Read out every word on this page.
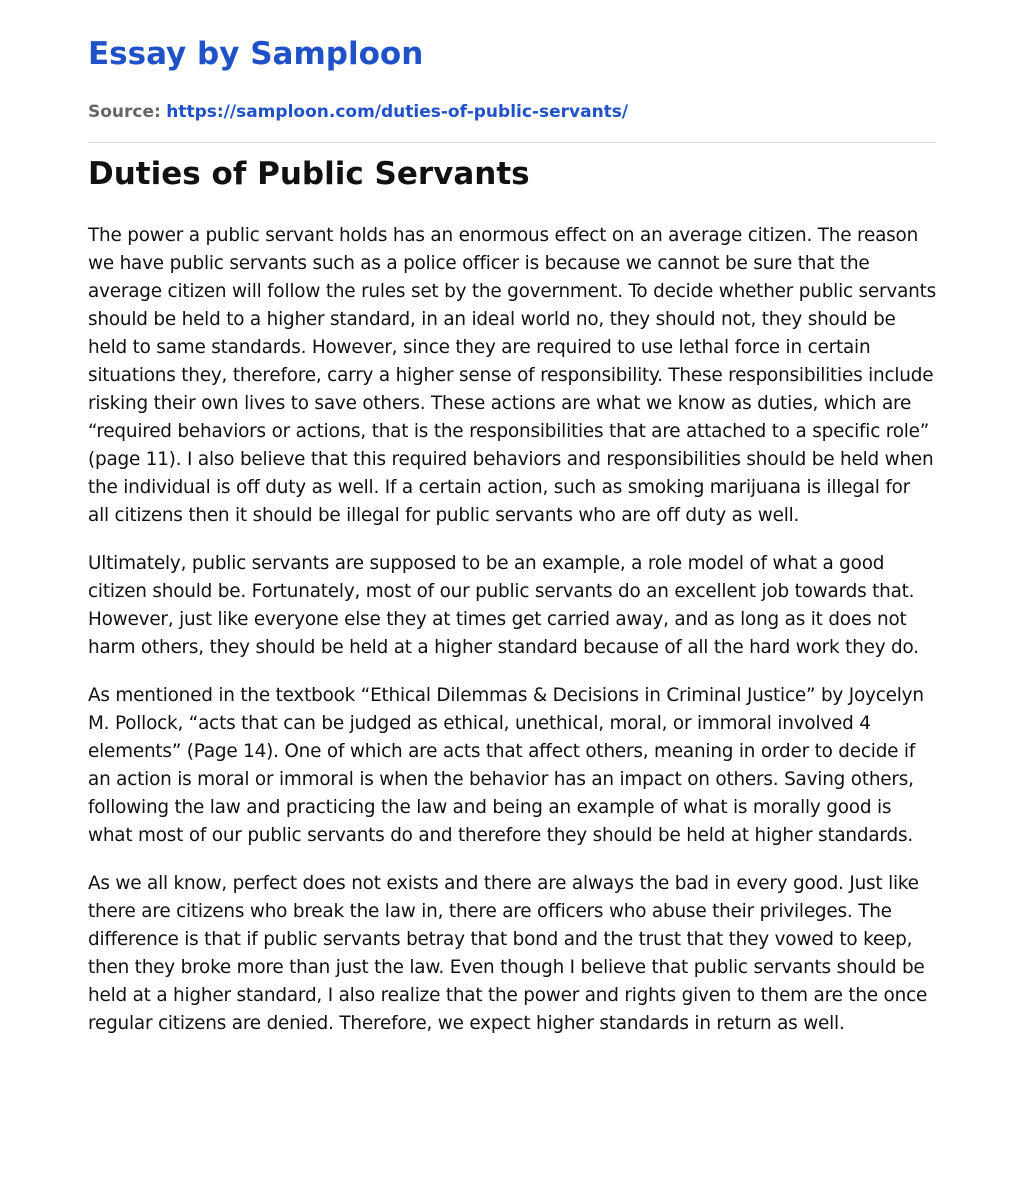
Essay by Samploon
Source: https://samploon.com/duties-of-public-servants/
Duties of Public Servants

The power a public servant holds has an enormous effect on an average citizen. The reason we have public servants such as a police officer is because we cannot be sure that the average citizen will follow the rules set by the government. To decide whether public servants should be held to a higher standard, in an ideal world no, they should not, they should be held to same standards. However, since they are required to use lethal force in certain situations they, therefore, carry a higher sense of responsibility. These responsibilities include risking their own lives to save others. These actions are what we know as duties, which are “required behaviors or actions, that is the responsibilities that are attached to a specific role” (page 11). I also believe that this required behaviors and responsibilities should be held when the individual is off duty as well. If a certain action, such as smoking marijuana is illegal for all citizens then it should be illegal for public servants who are off duty as well.

Ultimately, public servants are supposed to be an example, a role model of what a good citizen should be. Fortunately, most of our public servants do an excellent job towards that. However, just like everyone else they at times get carried away, and as long as it does not harm others, they should be held at a higher standard because of all the hard work they do.

As mentioned in the textbook “Ethical Dilemmas & Decisions in Criminal Justice” by Joycelyn M. Pollock, “acts that can be judged as ethical, unethical, moral, or immoral involved 4 elements” (Page 14). One of which are acts that affect others, meaning in order to decide if an action is moral or immoral is when the behavior has an impact on others. Saving others, following the law and practicing the law and being an example of what is morally good is what most of our public servants do and therefore they should be held at higher standards.

As we all know, perfect does not exists and there are always the bad in every good. Just like there are citizens who break the law in, there are officers who abuse their privileges. The difference is that if public servants betray that bond and the trust that they vowed to keep, then they broke more than just the law. Even though I believe that public servants should be held at a higher standard, I also realize that the power and rights given to them are the once regular citizens are denied. Therefore, we expect higher standards in return as well.
